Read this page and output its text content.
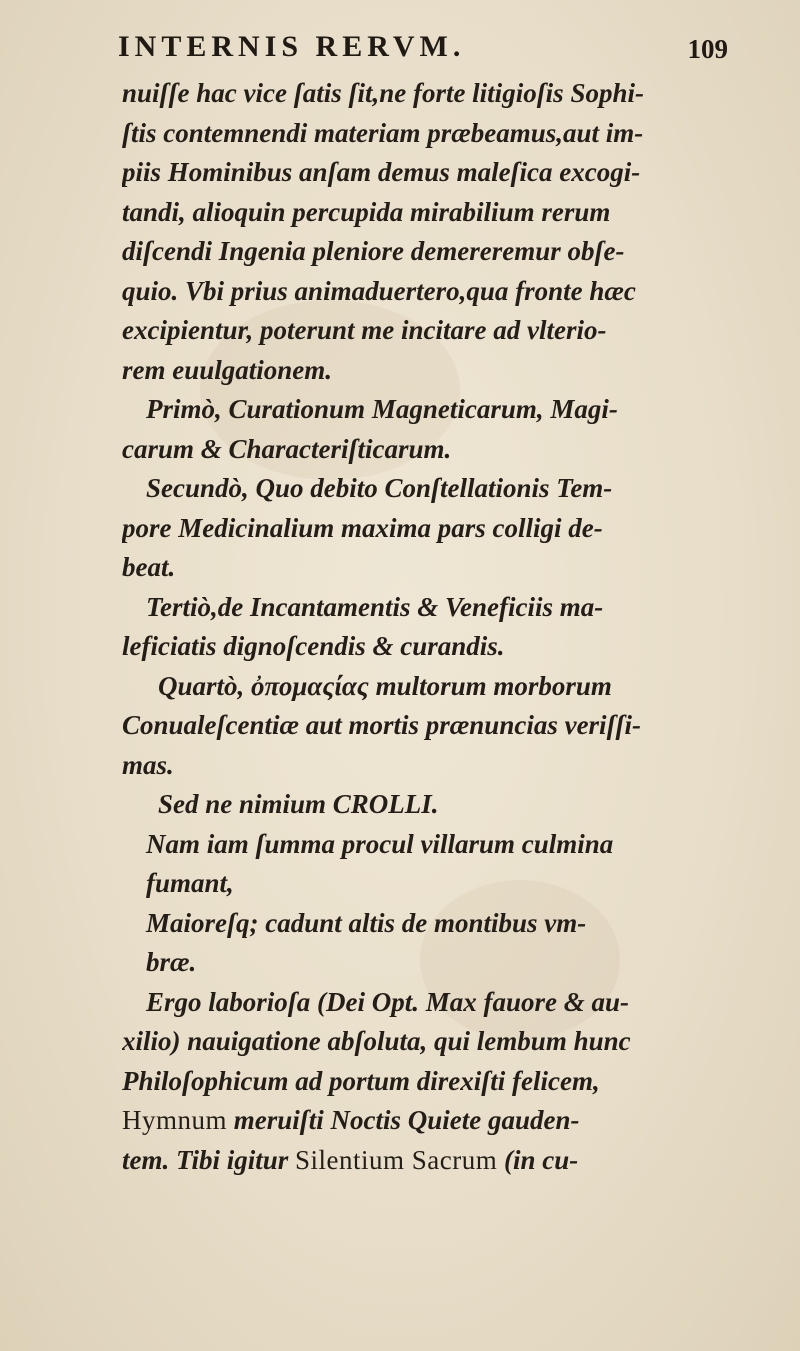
INTERNIS RERVM.	109
nuiſſe hac vice ſatis ſit,ne forte litigioſis Sophi-
ſtis contemnendi materiam præbeamus,aut im-
piis Hominibus anſam demus maleſica excogi-
tandi, alioquin percupida mirabilium rerum
diſcendi Ingenia pleniore demereremur obſe-
quio. Vbi prius animaduertero,qua fronte hæc
excipientur, poterunt me incitare ad vlterio-
rem euulgationem.
Primò, Curationum Magneticarum, Magi-
carum & Characteriſticarum.
Secundò, Quo debito Conſtellationis Tem-
pore Medicinalium maxima pars colligi de-
beat.
Tertiò,de Incantamentis & Veneficiis ma-
leficiatis dignoſcendis & curandis.
Quartò, ὀπομαςίας multorum morborum
Conualeſcentiæ aut mortis prænuncias veriſſi-
mas.
Sed ne nimium CROLLI.
Nam iam ſumma procul villarum culmina
fumant,
Maioreſq; cadunt altis de montibus vm-
bræ.
Ergo laborioſa (Dei Opt. Max fauore & au-
xilio) nauigatione abſoluta, qui lembum hunc
Philoſophicum ad portum direxiſti felicem,
Hymnum meruiſti Noctis Quiete gauden-
tem. Tibi igitur Silentium Sacrum (in cu-
